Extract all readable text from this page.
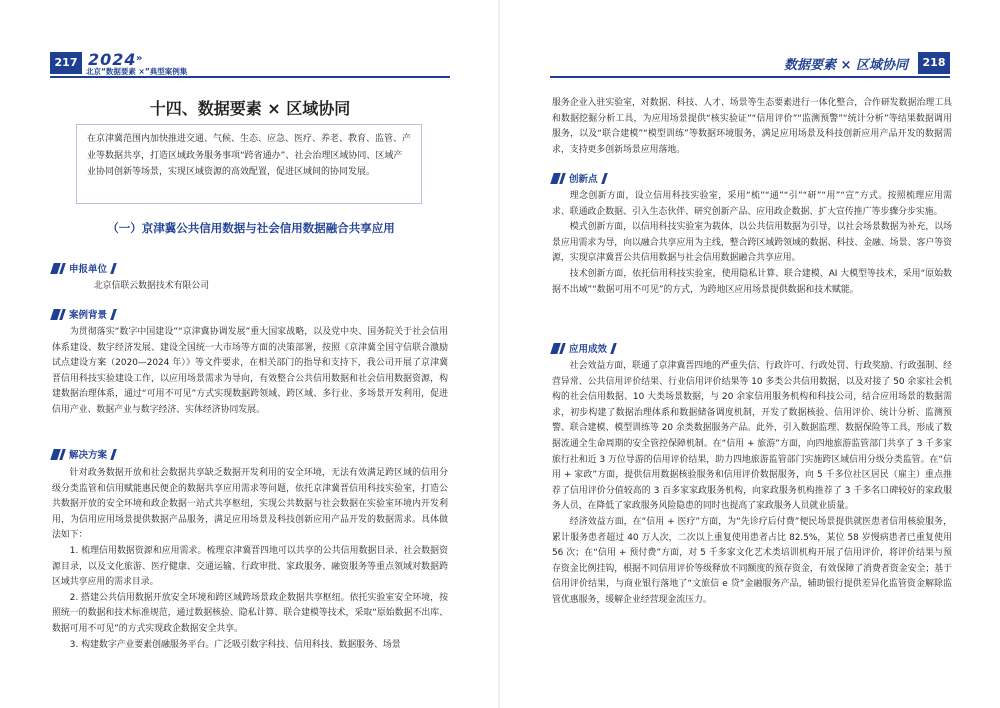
217 2024 »
北京“数据要素 ×”典型案例集
十四、数据要素 × 区域协同
在京津冀范围内加快推进交通、气候、生态、应急、医疗、养老、教育、监管、产业等数据共享，打造区域政务服务事项“跨省通办”、社会治理区域协同、区域产业协同创新等场景，实现区域资源的高效配置，促进区域间的协同发展。
（一）京津冀公共信用数据与社会信用数据融合共享应用
申报单位

北京信联云数据技术有限公司

案例背景

为贯彻落实“数字中国建设”“京津冀协调发展”重大国家战略，以及党中央、国务院关于社会信用体系建设、数字经济发展、建设全国统一大市场等方面的决策部署，按照《京津冀全国守信联合激励试点建设方案（2020—2024 年）》等文件要求，在相关部门的指导和支持下，我公司开展了京津冀晋信用科技实验建设工作，以应用场景需求为导向，有效整合公共信用数据和社会信用数据资源，构建数据治理体系，通过“可用不可见”方式实现数据跨领域、跨区域、多行业、多场景开发利用，促进信用产业、数据产业与数字经济、实体经济协同发展。

解决方案

针对政务数据开放和社会数据共享缺乏数据开发利用的安全环境，无法有效满足跨区域的信用分级分类监管和信用赋能惠民便企的数据共享应用需求等问题，依托京津冀晋信用科技实验室，打造公共数据开放的安全环境和政企数据一站式共享枢纽，实现公共数据与社会数据在实验室环境内开发利用，为信用应用场景提供数据产品服务，满足应用场景及科技创新应用产品开发的数据需求。具体做法如下：

1. 梳理信用数据资源和应用需求。梳理京津冀晋四地可以共享的公共信用数据目录、社会数据资源目录，以及文化旅游、医疗健康、交通运输、行政审批、家政服务、融资服务等重点领域对数据跨区域共享应用的需求目录。

2. 搭建公共信用数据开放安全环境和跨区域跨场景政企数据共享枢纽。依托实验室安全环境，按照统一的数据和技术标准规范，通过数据核验、隐私计算、联合建模等技术，采取“原始数据不出库、数据可用不可见”的方式实现政企数据安全共享。

3. 构建数字产业要素创融服务平台。广泛吸引数字科技、信用科技、数据服务、场景

数据要素 × 区域协同	218

服务企业入驻实验室，对数据、科技、人才、场景等生态要素进行一体化整合，合作研发数据治理工具和数据挖掘分析工具，为应用场景提供“核实验证”“信用评价”“监测预警”“统计分析”等结果数据调用服务，以及“联合建模”“模型训练”等数据环境服务，满足应用场景及科技创新应用产品开发的数据需求，支持更多创新场景应用落地。

创新点

理念创新方面，设立信用科技实验室，采用“梳”“通”“引”“研”“用”“宣”方式。按照梳理应用需求、联通政企数据、引入生态伙伴、研究创新产品、应用政企数据、扩大宣传推广等步骤分步实施。

模式创新方面，以信用科技实验室为载体，以公共信用数据为引导，以社会场景数据为补充，以场景应用需求为导，向以融合共享应用为主线，整合跨区域跨领域的数据、科技、金融、场景、客户等资源，实现京津冀晋公共信用数据与社会信用数据融合共享应用。

技术创新方面，依托信用科技实验室，使用隐私计算、联合建模、AI 大模型等技术，采用“原始数据不出域”“数据可用不可见”的方式，为跨地区应用场景提供数据和技术赋能。

应用成效

社会效益方面，联通了京津冀晋四地的严重失信、行政许可、行政处罚、行政奖励、行政强制、经营异常、公共信用评价结果、行业信用评价结果等 10 多类公共信用数据，以及对接了 50 余家社会机构的社会信用数据、10 大类场景数据，与 20 余家信用服务机构和科技公司，结合应用场景的数据需求，初步构建了数据治理体系和数据储备调度机制，开发了数据核验、信用评价、统计分析、监测预警、联合建模、模型训练等 20 余类数据服务产品。此外，引入数据监理、数据保险等工具，形成了数据流通全生命周期的安全管控保障机制。在“信用 + 旅游”方面，向四地旅游监管部门共享了 3 千多家旅行社和近 3 万位导游的信用评价结果，助力四地旅游监管部门实施跨区域信用分级分类监管。在“信用 + 家政”方面，提供信用数据核验服务和信用评价数据服务，向 5 千多位社区居民（雇主）重点推荐了信用评价分值较高的 3 百多家家政服务机构，向家政服务机构推荐了 3 千多名口碑较好的家政服务人员，在降低了家政服务风险隐患的同时也提高了家政服务人员就业质量。

经济效益方面，在“信用 + 医疗”方面，为“先诊疗后付费”便民场景提供就医患者信用核验服务，累计服务患者超过 40 万人次，二次以上重复使用患者占比 82.5%，某位 58 岁慢病患者已重复使用 56 次；在“信用 + 预付费”方面，对 5 千多家文化艺术类培训机构开展了信用评价，将评价结果与预存资金比例挂钩，根据不同信用评价等级释放不同额度的预存资金，有效保障了消费者资金安全；基于信用评价结果，与商业银行落地了“文旅信 e 贷”金融服务产品，辅助银行提供差异化监管资金解除监管优惠服务，缓解企业经营现金流压力。
